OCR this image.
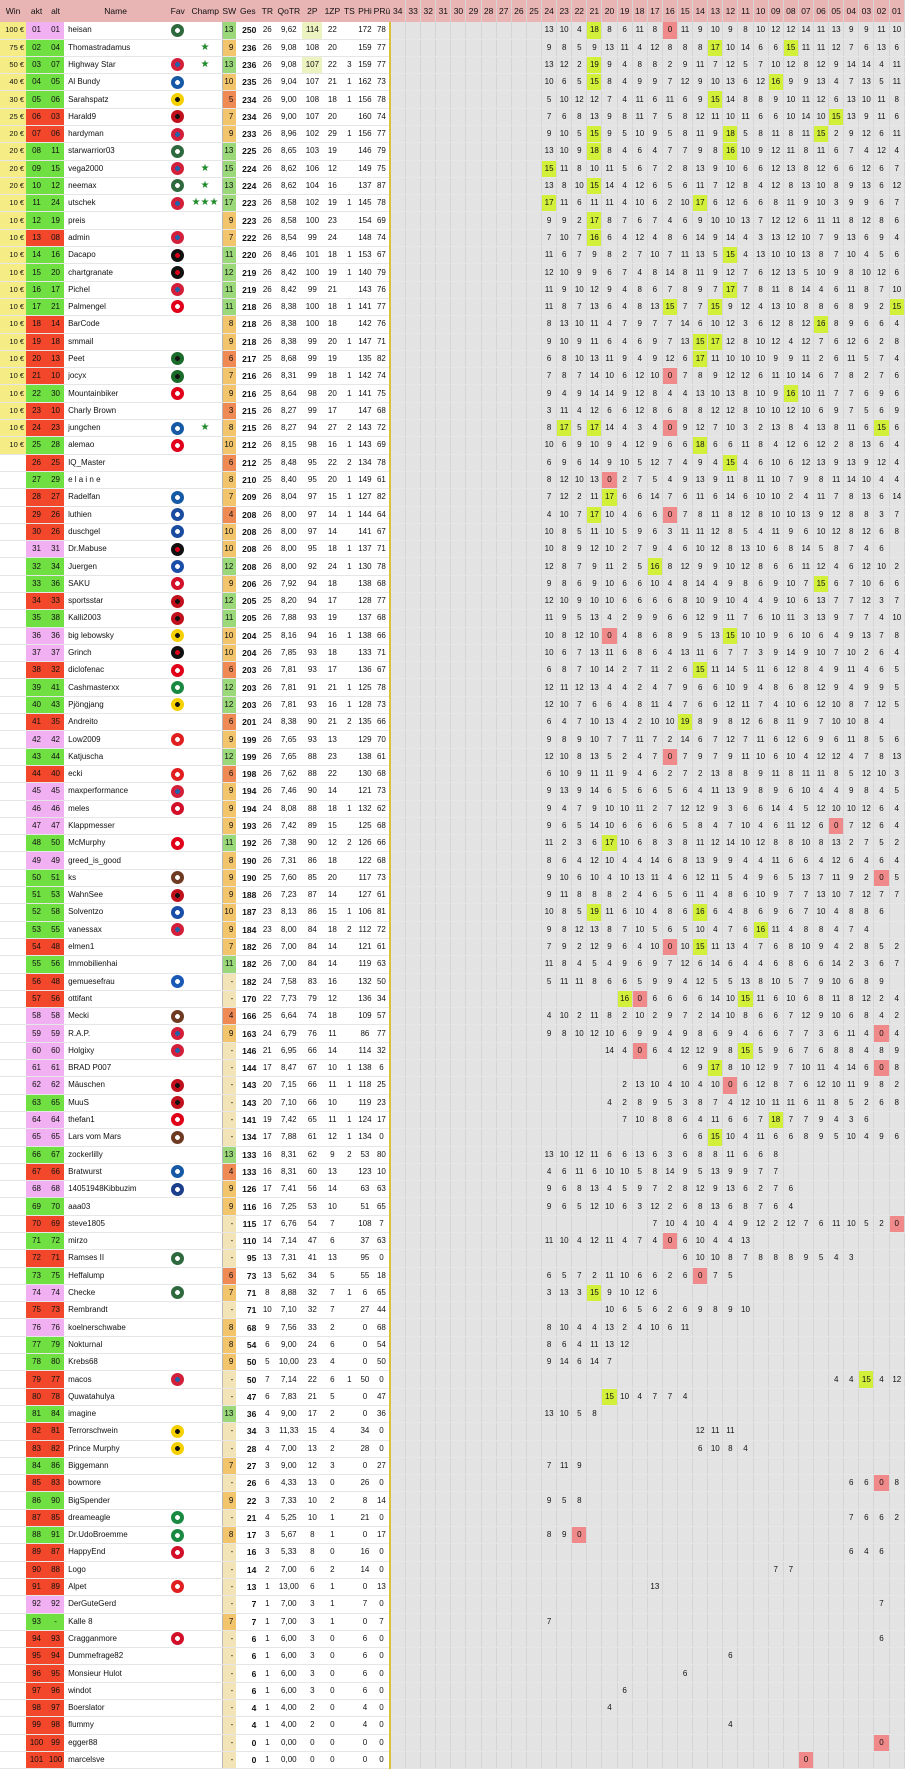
Win	akt	alt	Name	Fav	Champ	SW	Ges	TR	QoTR	2P	1ZP	TS	PHi	PRü	34	33	32	31	30	29	28	27	26	25	24	23	22	21	20	19	18	17	16	15	14	13	12	11	10	09	08	07	06	05	04	03	02	01
100 €	01	01	heisan			13	250	26	9,62	114	22		172	78											13	10	4	18	8	6	11	8	0	11	9	10	9	8	10	12	12	14	11	13	9	9	11	10
75 €	02	04	Thomastradamus		★	9	236	26	9,08	108	20		159	77											9	8	5	9	13	11	4	12	8	8	8	17	10	14	6	6	15	11	11	12	7	6	13	6
50 €	03	07	Highway Star		★	13	236	26	9,08	107	22	3	159	77											13	12	2	19	9	4	8	8	2	9	11	7	12	5	7	10	12	8	12	9	14	14	4	11
40 €	04	05	Al Bundy			10	235	26	9,04	107	21	1	162	73											10	6	5	15	8	4	9	9	7	12	9	10	13	6	12	16	9	9	13	4	7	13	5	11
30 €	05	06	Sarahspatz			5	234	26	9,00	108	18	1	156	78											5	10	12	12	7	4	11	6	11	6	9	15	14	8	8	9	10	11	12	6	13	10	11	8
25 €	06	03	Harald9			7	234	26	9,00	107	20		160	74											7	6	8	13	9	8	11	7	5	8	12	11	10	11	6	6	10	14	10	15	13	9	11	6
20 €	07	06	hardyman			9	233	26	8,96	102	29	1	156	77											9	10	5	15	9	5	10	9	5	8	11	9	18	5	8	11	8	11	15	2	9	12	6	11
20 €	08	11	starwarrior03			13	225	26	8,65	103	19		146	79											13	10	9	18	8	4	6	4	7	7	9	8	16	10	9	12	11	8	11	6	7	4	12	4
20 €	09	15	vega2000		★	15	224	26	8,62	106	12		149	75											15	11	8	10	11	5	6	7	2	8	13	9	10	6	6	12	13	8	12	6	6	12	6	7
20 €	10	12	neemax		★	13	224	26	8,62	104	16		137	87											13	8	10	15	14	4	12	6	5	6	11	7	12	8	4	12	8	13	10	8	9	13	6	12
10 €	11	24	utschek		★★★	17	223	26	8,58	102	19	1	145	78											17	11	6	11	11	4	10	6	2	10	17	6	12	6	6	8	11	9	10	3	9	9	6	7
10 €	12	19	preis			9	223	26	8,58	100	23		154	69											9	9	2	17	8	7	6	7	4	6	9	10	10	13	7	12	12	6	11	11	8	12	8	6
10 €	13	08	admin			7	222	26	8,54	99	24		148	74											7	10	7	16	6	4	12	4	8	6	14	9	14	4	3	13	12	10	7	9	13	6	9	4
10 €	14	16	Dacapo			11	220	26	8,46	101	18	1	153	67											11	6	7	9	8	2	7	10	7	11	13	5	15	4	13	10	10	13	8	7	10	4	5	6
10 €	15	20	chartgranate			12	219	26	8,42	100	19	1	140	79											12	10	9	9	6	7	4	8	14	8	11	9	12	7	6	12	13	5	10	9	8	10	12	6
10 €	16	17	Pichel			11	219	26	8,42	99	21		143	76											11	9	10	12	9	4	8	6	7	8	9	7	17	7	8	11	8	14	4	6	11	8	7	10
10 €	17	21	Palmengel			11	218	26	8,38	100	18	1	141	77											11	8	7	13	6	4	8	13	15	7	7	15	9	12	4	13	10	8	8	6	8	9	2	15
10 €	18	14	BarCode			8	218	26	8,38	100	18		142	76											8	13	10	11	4	7	9	7	7	14	6	10	12	3	6	12	8	12	16	8	9	6	6	4
10 €	19	18	smmail			9	218	26	8,38	99	20	1	147	71											9	10	9	11	6	4	6	9	7	13	15	17	12	8	10	12	4	12	7	6	12	6	2	8
10 €	20	13	Peet			6	217	25	8,68	99	19		135	82											6	8	10	13	11	9	4	9	12	6	17	11	10	10	10	9	9	11	2	6	11	5	7	4
10 €	21	10	jocyx			7	216	26	8,31	99	18	1	142	74											7	8	7	14	10	6	12	10	0	7	8	9	12	12	6	11	10	14	6	7	8	2	7	6
10 €	22	30	Mountainbiker			9	216	25	8,64	98	20	1	141	75											9	4	9	14	14	9	12	8	4	4	13	10	13	8	10	9	16	10	11	7	7	6	9	6
10 €	23	10	Charly Brown			3	215	26	8,27	99	17		147	68											3	11	4	12	6	6	12	8	6	8	8	12	12	8	10	10	12	10	6	9	7	5	6	9
10 €	24	23	jungchen		★	8	215	26	8,27	94	27	2	143	72											8	17	5	17	14	4	3	4	0	9	12	7	10	3	2	13	8	4	13	8	11	6	15	6
10 €	25	28	alemao			10	212	26	8,15	98	16	1	143	69											10	6	9	10	9	4	12	9	6	6	18	6	6	11	8	4	12	6	12	2	8	13	6	4
	26	25	IQ_Master			6	212	25	8,48	95	22	2	134	78											6	9	6	14	9	10	5	12	7	4	9	4	15	4	6	10	6	12	13	9	13	9	12	4
	27	29	e l a i n e			8	210	25	8,40	95	20	1	149	61											8	12	10	13	0	2	7	5	4	9	13	9	11	8	11	10	7	9	8	11	14	10	4	4
	28	27	Radelfan			7	209	26	8,04	97	15	1	127	82											7	12	2	11	17	6	6	14	7	6	11	6	14	6	10	10	2	4	11	7	8	13	6	14
	29	26	luthien			4	208	26	8,00	97	14	1	144	64											4	10	7	17	10	4	6	6	0	7	8	11	8	12	8	10	10	13	9	12	8	8	3	7
	30	26	duschgel			10	208	26	8,00	97	14		141	67											10	8	5	11	10	5	9	6	3	11	11	12	8	5	4	11	9	6	10	12	8	12	6	8
	31	31	Dr.Mabuse			10	208	26	8,00	95	18	1	137	71											10	8	9	12	10	2	7	9	4	6	10	12	8	13	10	6	8	14	5	8	7	4	6	
	32	34	Juergen			12	208	26	8,00	92	24	1	130	78											12	8	7	9	11	2	5	16	8	12	9	9	10	12	8	6	6	11	12	4	6	12	10	2
	33	36	SAKU			9	206	26	7,92	94	18		138	68											9	8	6	9	10	6	6	10	4	8	14	4	9	8	6	9	10	7	15	6	7	10	6	6
	34	33	sportsstar			12	205	25	8,20	94	17		128	77											12	10	9	10	10	6	6	6	6	8	10	9	10	4	4	9	10	6	13	7	7	12	3	7
	35	38	Kalli2003			11	205	26	7,88	93	19		137	68											11	9	5	13	4	2	9	9	6	6	12	9	11	7	6	10	11	3	13	9	7	7	4	10
	36	36	big lebowsky			10	204	25	8,16	94	16	1	138	66											10	8	12	10	0	4	8	6	8	9	5	13	15	10	10	9	6	10	6	4	9	13	7	8
	37	37	Grinch			10	204	26	7,85	93	18		133	71											10	6	7	13	11	6	8	6	4	13	11	6	7	7	3	9	14	9	10	7	10	2	6	4
	38	32	diclofenac			6	203	26	7,81	93	17		136	67											6	8	7	10	14	2	7	11	2	6	15	11	14	5	11	6	12	8	4	9	11	4	6	5
	39	41	Cashmasterxx			12	203	26	7,81	91	21	1	125	78											12	11	12	13	4	4	2	4	7	9	6	6	10	9	4	8	6	8	12	9	4	9	9	5
	40	43	Pjöngjang			12	203	26	7,81	93	16	1	128	73											12	10	7	6	6	4	8	11	4	7	6	6	12	11	7	4	10	6	12	10	8	7	12	5
	41	35	Andreito			6	201	24	8,38	90	21	2	135	66											6	4	7	10	13	4	2	10	10	19	8	9	8	12	6	8	11	9	7	10	10	8	4	
	42	42	Low2009			9	199	26	7,65	93	13		129	70											9	8	9	10	7	7	11	7	2	14	6	7	12	7	11	6	12	6	9	6	11	8	5	6
	43	44	Katjuscha			12	199	26	7,65	88	23		138	61											12	10	8	13	5	2	4	7	0	7	9	7	9	11	10	6	10	4	12	12	4	7	8	13
	44	40	ecki			6	198	26	7,62	88	22		130	68											6	10	9	11	11	9	4	6	2	7	2	13	8	8	9	11	8	11	11	8	5	12	10	3
	45	45	maxperformance			9	194	26	7,46	90	14		121	73											9	13	9	14	6	5	6	6	5	6	4	11	13	9	8	9	6	10	4	4	9	8	4	5
	46	46	meles			9	194	24	8,08	88	18	1	132	62											9	4	7	9	10	10	11	2	7	12	12	9	3	6	6	14	4	5	12	10	10	12	6	4
	47	47	Klappmesser			9	193	26	7,42	89	15		125	68											9	6	5	14	10	6	6	6	6	5	8	4	7	10	4	6	11	12	6	0	7	12	6	4
	48	50	McMurphy			11	192	26	7,38	90	12	2	126	66											11	2	3	6	17	10	6	8	3	8	11	12	14	10	12	8	8	10	8	13	2	7	5	2
	49	49	greed_is_good			8	190	26	7,31	86	18		122	68											8	6	4	12	10	4	4	14	6	8	13	9	9	4	4	11	6	6	4	12	6	4	6	4
	50	51	ks			9	190	25	7,60	85	20		117	73											9	10	6	10	4	10	13	11	4	6	12	11	5	4	9	6	5	13	7	11	9	2	0	5
	51	53	WahnSee			9	188	26	7,23	87	14		127	61											9	11	8	8	8	2	4	6	5	6	11	4	8	6	10	9	7	7	13	10	7	12	7	7
	52	58	Solventzo			10	187	23	8,13	86	15	1	106	81											10	8	5	19	11	6	10	4	8	6	16	6	4	8	6	9	6	7	10	4	8	8	6	
	53	55	vanessax			9	184	23	8,00	84	18	2	112	72											9	8	12	13	8	7	10	5	6	5	10	4	7	6	16	11	4	8	8	4	7	4		
	54	48	elmen1			7	182	26	7,00	84	14		121	61											7	9	2	12	9	6	4	10	0	10	15	11	13	4	7	6	8	10	9	4	2	8	5	2
	55	56	Immobilienhai			11	182	26	7,00	84	14		119	63											11	8	4	5	4	9	6	9	7	12	6	14	6	4	4	6	8	6	6	14	2	3	6	7
	56	48	gemuesefrau			-	182	24	7,58	83	16		132	50											5	11	11	8	6	6	5	9	9	4	12	5	5	13	8	10	5	7	9	10	6	8	9	
	57	56	ottifant			-	170	22	7,73	79	12		136	34																16	0	6	6	6	6	14	10	15	11	6	10	6	8	11	8	12	2	4
	58	58	Mecki			4	166	25	6,64	74	18		109	57											4	10	2	11	8	2	10	2	9	7	2	14	10	8	6	6	7	12	9	10	6	8	4	2
	59	59	R.A.P.			9	163	24	6,79	76	11		86	77											9	8	10	12	10	6	9	9	4	9	8	6	9	4	6	6	7	7	3	6	11	4	0	4
	60	60	Holgixy			-	146	21	6,95	66	14		114	32															14	4	0	6	4	12	12	9	8	15	5	9	6	7	6	8	8	4	8	9
	61	61	BRAD P007			-	144	17	8,47	67	10	1	138	6																				6	9	17	8	10	12	9	7	10	11	4	14	6	0	8
	62	62	Mäuschen			-	143	20	7,15	66	11	1	118	25																2	13	10	4	10	4	10	0	6	12	8	7	6	12	10	11	9	8	2
	63	65	MuuS			-	143	20	7,10	66	10		119	23															4	2	8	9	5	3	8	7	4	12	10	11	11	6	11	8	5	2	6	8
	64	64	thefan1			-	141	19	7,42	65	11	1	124	17																7	10	8	8	6	4	11	6	6	7	18	7	7	9	4	3	6		
	65	65	Lars vom Mars			-	134	17	7,88	61	12	1	134	0																				6	6	15	10	4	11	6	6	8	9	5	10	4	9	6
	66	67	zockerlilly			13	133	16	8,31	62	9	2	53	80											13	10	12	11	6	6	13	6	3	6	8	8	11	6	6	8								
	67	66	Bratwurst			4	133	16	8,31	60	13		123	10											4	6	11	6	10	10	5	8	14	9	5	13	9	9	7	7								
	68	68	14051948Kibbuzim			9	126	17	7,41	56	14		63	63											9	6	8	13	4	5	9	7	2	8	12	9	13	6	2	7	6							
	69	70	aaa03			9	116	16	7,25	53	10		51	65											9	6	5	12	10	6	3	12	2	6	8	13	6	8	7	6	4							
	70	69	steve1805			-	115	17	6,76	54	7		108	7																		7	10	4	10	4	4	9	12	2	12	7	6	11	10	5	2	0
	71	72	mirzo			-	110	14	7,14	47	6		37	63											11	10	4	12	11	4	7	4	0	6	10	4	4	13										
	72	71	Ramses II			-	95	13	7,31	41	13		95	0																				6	10	10	8	7	8	8	8	9	5	4	3			
	73	75	Heffalump			6	73	13	5,62	34	5		55	18											6	5	7	2	11	10	6	6	2	6	0	7	5											
	74	74	Checke			7	71	8	8,88	32	7	1	6	65											3	13	3	15	9	10	12	6																
	75	73	Rembrandt			-	71	10	7,10	32	7		27	44															10	6	5	6	2	6	9	8	9	10										
	76	76	koelnerschwabe			8	68	9	7,56	33	2		0	68											8	10	4	4	13	2	4	10	6	11														
	77	79	Nokturnal			8	54	6	9,00	24	6		0	54											8	6	4	11	13	12																		
	78	80	Krebs68			9	50	5	10,00	23	4		0	50											9	14	6	14	7																			
	79	77	macos			-	50	7	7,14	22	6	1	50	0																														4	4	15	4	12
	80	78	Quwatahulya			-	47	6	7,83	21	5		0	47															15	10	4	7	7	4														
	81	84	imagine			13	36	4	9,00	17	2		0	36											13	10	5	8																				
	82	81	Terrorschwein			-	34	3	11,33	15	4		34	0																					12	11	11											
	83	82	Prince Murphy			-	28	4	7,00	13	2		28	0																					6	10	8	4										
	84	86	Biggemann			7	27	3	9,00	12	3		0	27											7	11	9																					
	85	83	bowmore			-	26	6	4,33	13	0		26	0																															6	6	0	8
	86	90	BigSpender			9	22	3	7,33	10	2		8	14											9	5	8																					
	87	85	dreameagle			-	21	4	5,25	10	1		21	0																															7	6	6	2
	88	91	Dr.UdoBroemme			8	17	3	5,67	8	1		0	17											8	9	0																					
	89	87	HappyEnd			-	16	3	5,33	8	0		16	0																															6	4	6	
	90	88	Logo			-	14	2	7,00	6	2		14	0																										7	7							
	91	89	Alpet			-	13	1	13,00	6	1		0	13																		13																
	92	92	DerGuteGerd			-	7	1	7,00	3	1		7	0																																	7	
	93	-	Kalle 8			7	7	1	7,00	3	1		0	7											7																							
	94	93	Cragganmore			-	6	1	6,00	3	0		6	0																																	6	
	95	94	Dummefrage82			-	6	1	6,00	3	0		6	0																							6											
	96	95	Monsieur Hulot			-	6	1	6,00	3	0		6	0																				6														
	97	96	windot			-	6	1	6,00	3	0		6	0																6																		
	98	97	Boerslator			-	4	1	4,00	2	0		4	0															4																			
	99	98	flummy			-	4	1	4,00	2	0		4	0																							4											
	100	99	egger88			-	0	1	0,00	0	0		0	0																																	0	
	101	100	marcelsve			-	0	1	0,00	0	0		0	0																												0						
